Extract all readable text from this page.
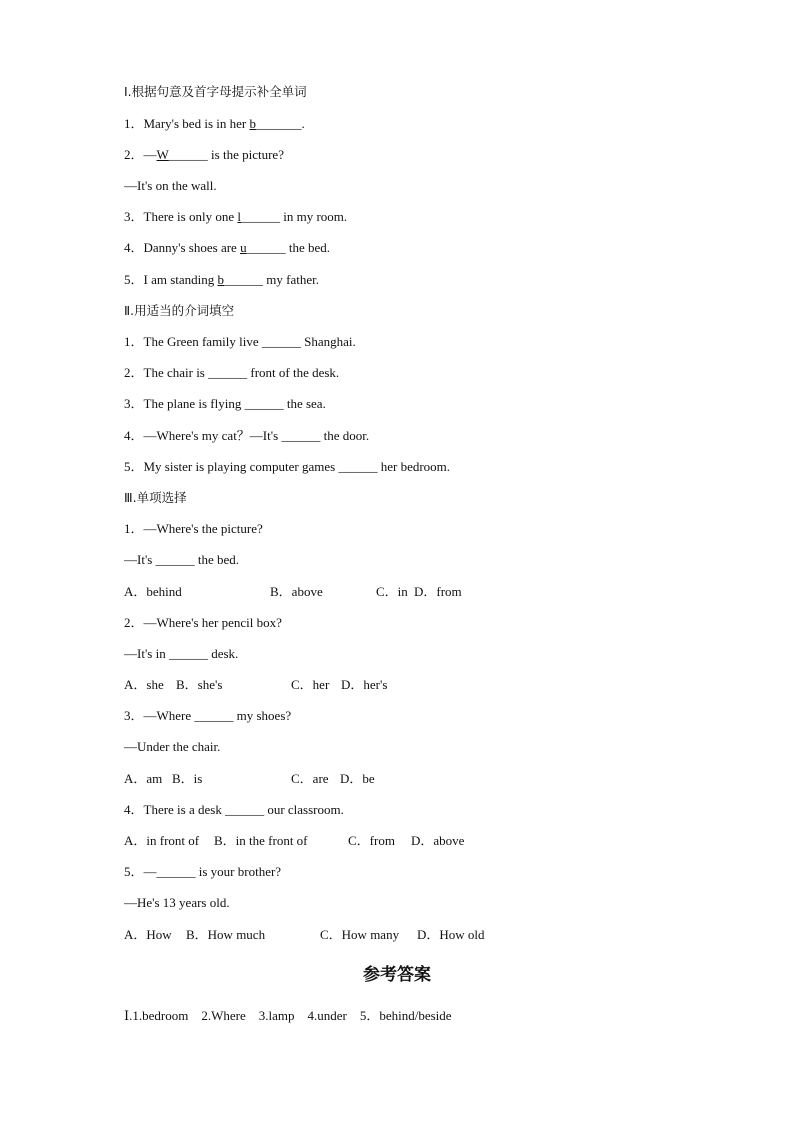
Ⅰ.根据句意及首字母提示补全单词
1．Mary's bed is in her b_______.
2．—W______ is the picture?
—It's on the wall.
3．There is only one l______ in my room.
4．Danny's shoes are u______ the bed.
5．I am standing b______ my father.
Ⅱ.用适当的介词填空
1．The Green family live ______ Shanghai.
2．The chair is ______ front of the desk.
3．The plane is flying ______ the sea.
4．—Where's my cat？—It's ______ the door.
5．My sister is playing computer games ______ her bedroom.
Ⅲ.单项选择
1．—Where's the picture?
—It's ______ the bed.
A．behind	B．above	C．in D．from
2．—Where's her pencil box?
—It's in ______ desk.
A．she B．she's	C．her D．her's
3．—Where ______ my shoes?
—Under the chair.
A．am B．is	C．are D．be
4．There is a desk ______ our classroom.
A．in front of B．in the front of	C．from D．above
5．—______ is your brother?
—He's 13 years old.
A．How B．How much	C．How many D．How old
参考答案
Ⅰ.1.bedroom　2.Where　3.lamp　4.under　5．behind/beside
